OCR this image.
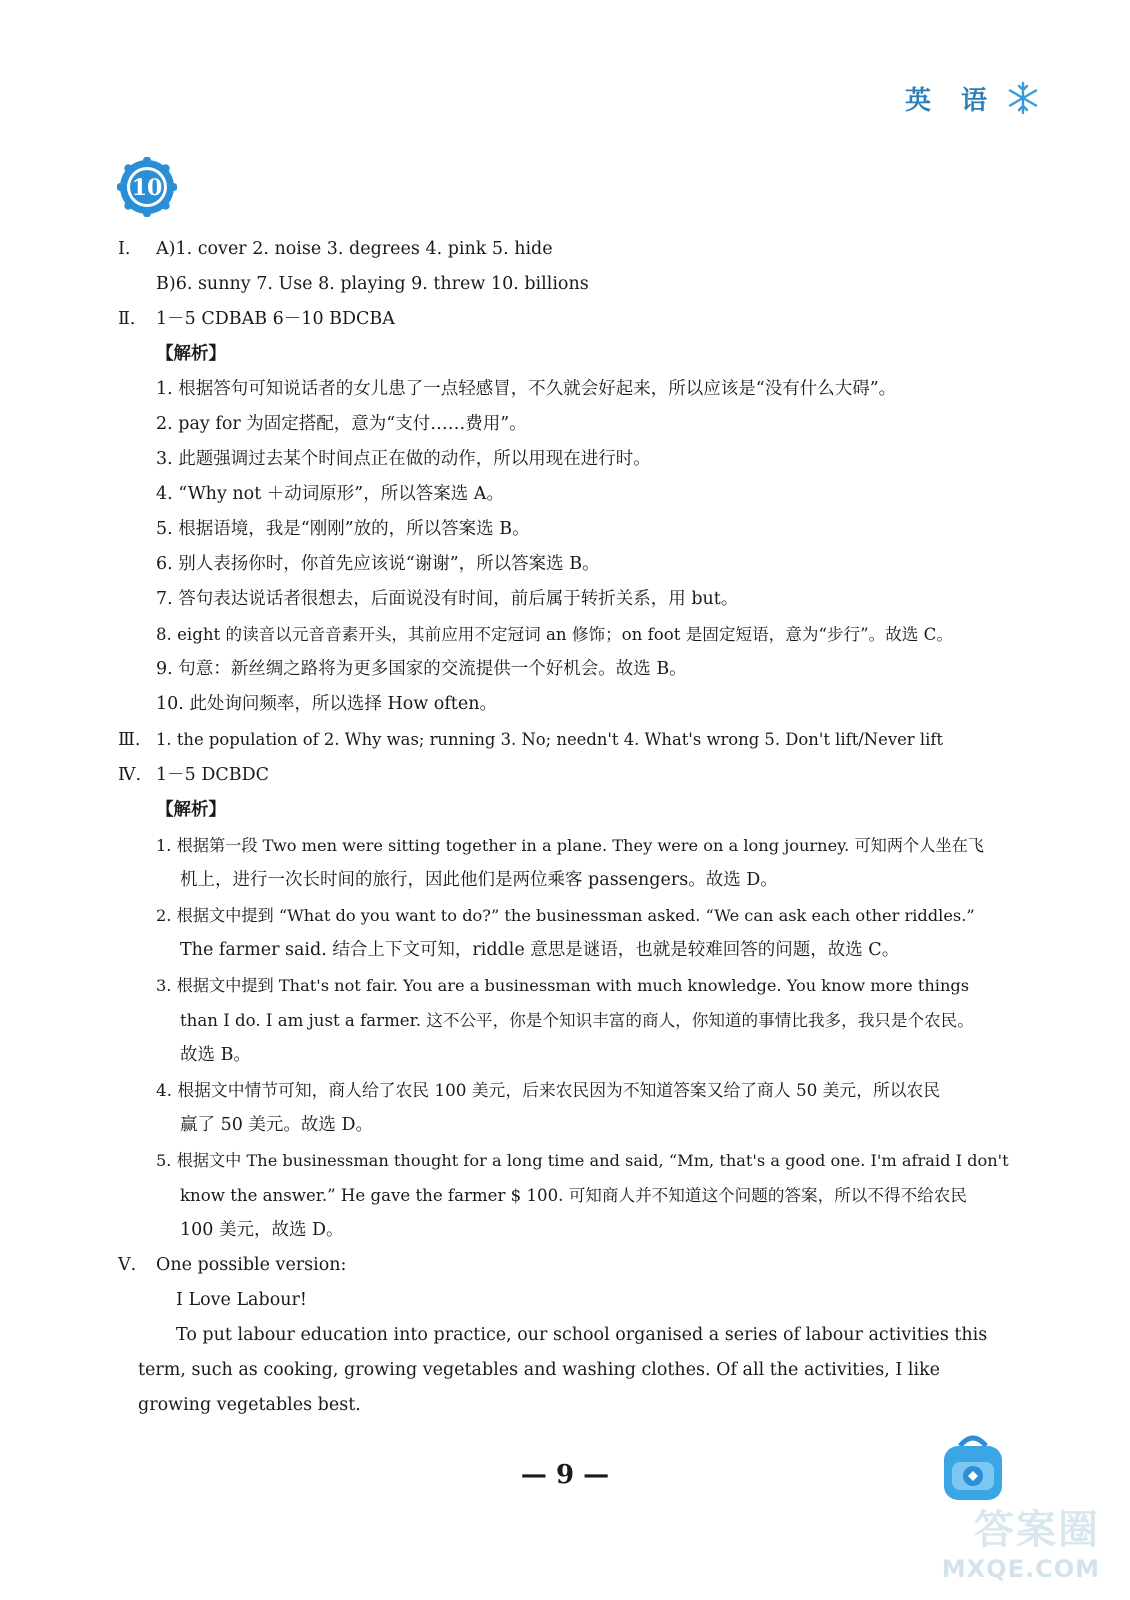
英语
10
Ⅰ. A)1. cover 2. noise 3. degrees 4. pink 5. hide
B)6. sunny 7. Use 8. playing 9. threw 10. billions
Ⅱ. 1－5 CDBAB 6－10 BDCBA
【解析】
1. 根据答句可知说话者的女儿患了一点轻感冒，不久就会好起来，所以应该是“没有什么大碍”。
2. pay for 为固定搭配，意为“支付……费用”。
3. 此题强调过去某个时间点正在做的动作，所以用现在进行时。
4. “Why not ＋动词原形”，所以答案选 A。
5. 根据语境，我是“刚刚”放的，所以答案选 B。
6. 别人表扬你时，你首先应该说“谢谢”，所以答案选 B。
7. 答句表达说话者很想去，后面说没有时间，前后属于转折关系，用 but。
8. eight 的读音以元音音素开头，其前应用不定冠词 an 修饰；on foot 是固定短语，意为“步行”。故选 C。
9. 句意：新丝绸之路将为更多国家的交流提供一个好机会。故选 B。
10. 此处询问频率，所以选择 How often。
Ⅲ. 1. the population of 2. Why was; running 3. No; needn't 4. What's wrong 5. Don't lift/Never lift
Ⅳ. 1－5 DCBDC
【解析】
1. 根据第一段 Two men were sitting together in a plane. They were on a long journey. 可知两个人坐在飞
机上，进行一次长时间的旅行，因此他们是两位乘客 passengers。故选 D。
2. 根据文中提到 “What do you want to do?” the businessman asked. “We can ask each other riddles.”
The farmer said. 结合上下文可知，riddle 意思是谜语，也就是较难回答的问题，故选 C。
3. 根据文中提到 That's not fair. You are a businessman with much knowledge. You know more things
than I do. I am just a farmer. 这不公平，你是个知识丰富的商人，你知道的事情比我多，我只是个农民。
故选 B。
4. 根据文中情节可知，商人给了农民 100 美元，后来农民因为不知道答案又给了商人 50 美元，所以农民
赢了 50 美元。故选 D。
5. 根据文中 The businessman thought for a long time and said, “Mm, that's a good one. I'm afraid I don't
know the answer.” He gave the farmer $ 100. 可知商人并不知道这个问题的答案，所以不得不给农民
100 美元，故选 D。
Ⅴ. One possible version:
I Love Labour!
To put labour education into practice, our school organised a series of labour activities this term, such as cooking, growing vegetables and washing clothes. Of all the activities, I like growing vegetables best.
— 9 —
答案圈
MXQE.COM
